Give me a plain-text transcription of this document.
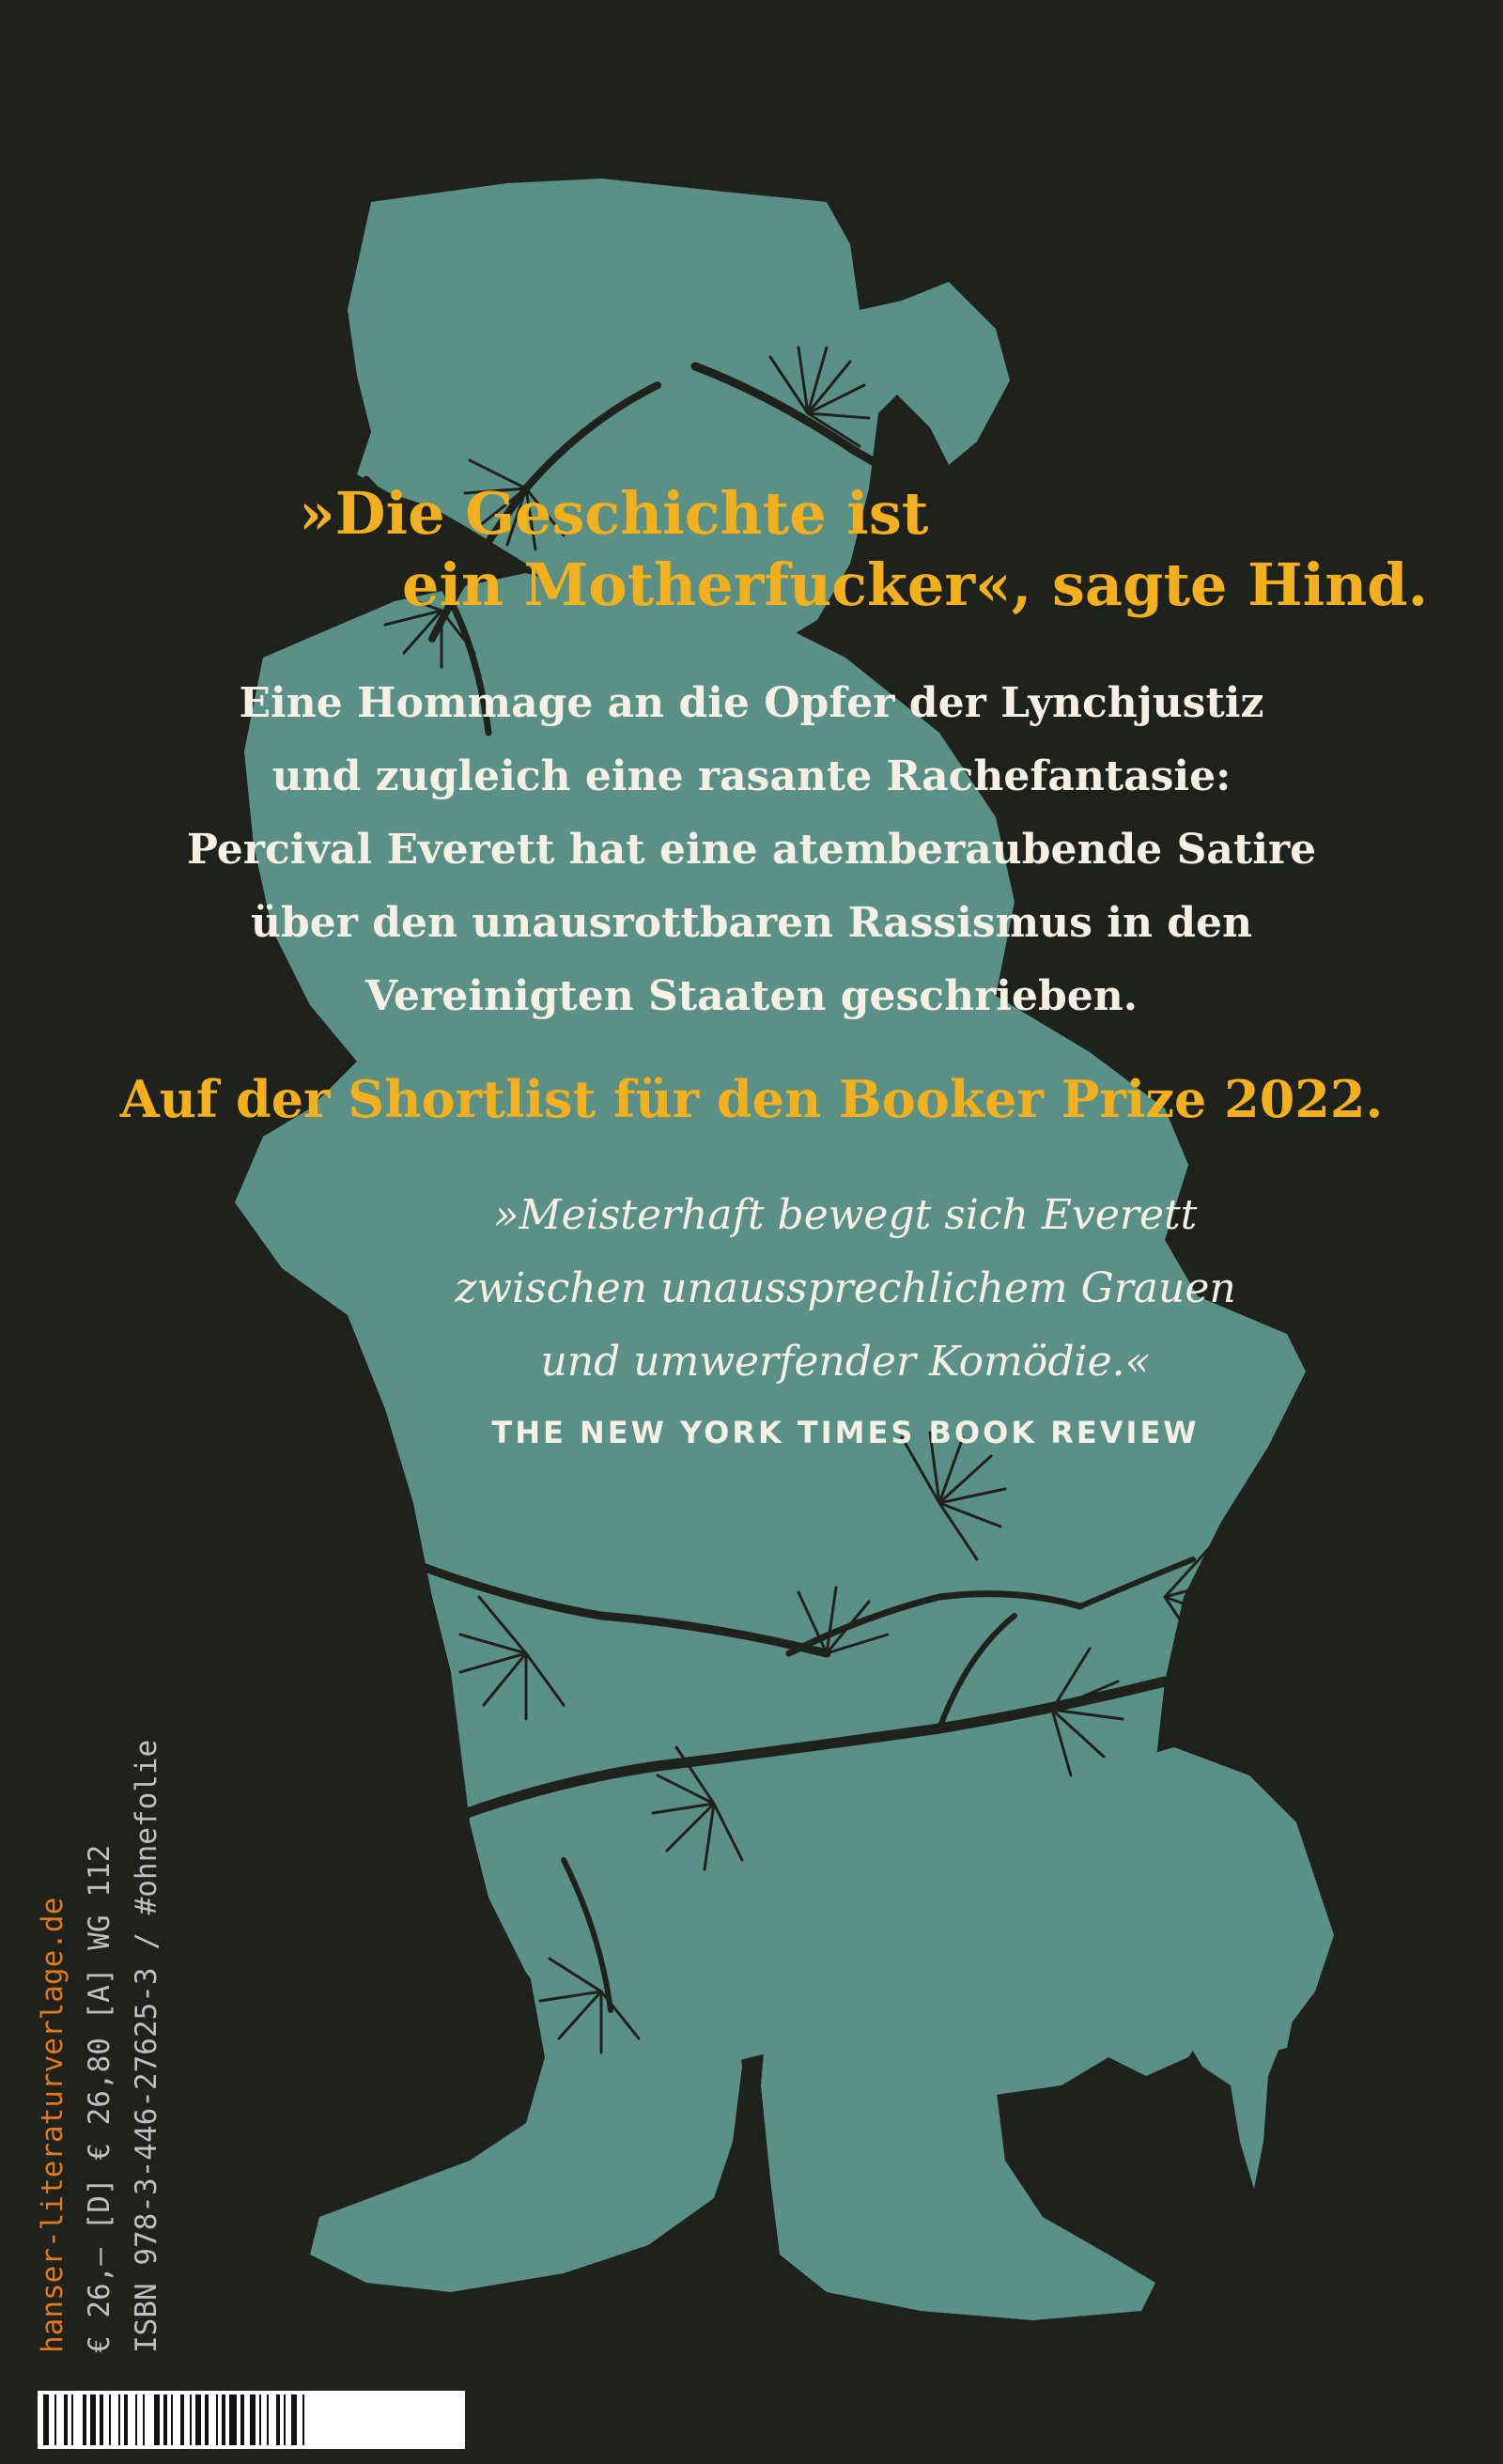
»Die Geschichte ist
ein Motherfucker«, sagte Hind.
Eine Hommage an die Opfer der Lynchjustiz
und zugleich eine rasante Rachefantasie:
Percival Everett hat eine atemberaubende Satire
über den unausrottbaren Rassismus in den
Vereinigten Staaten geschrieben.
Auf der Shortlist für den Booker Prize 2022.
»Meisterhaft bewegt sich Everett
zwischen unaussprechlichem Grauen
und umwerfender Komödie.«
THE NEW YORK TIMES BOOK REVIEW
hanser-literaturverlage.de € 26,– [D] € 26,80 [A] WG 112 ISBN 978-3-446-27625-3 / #ohnefolie
